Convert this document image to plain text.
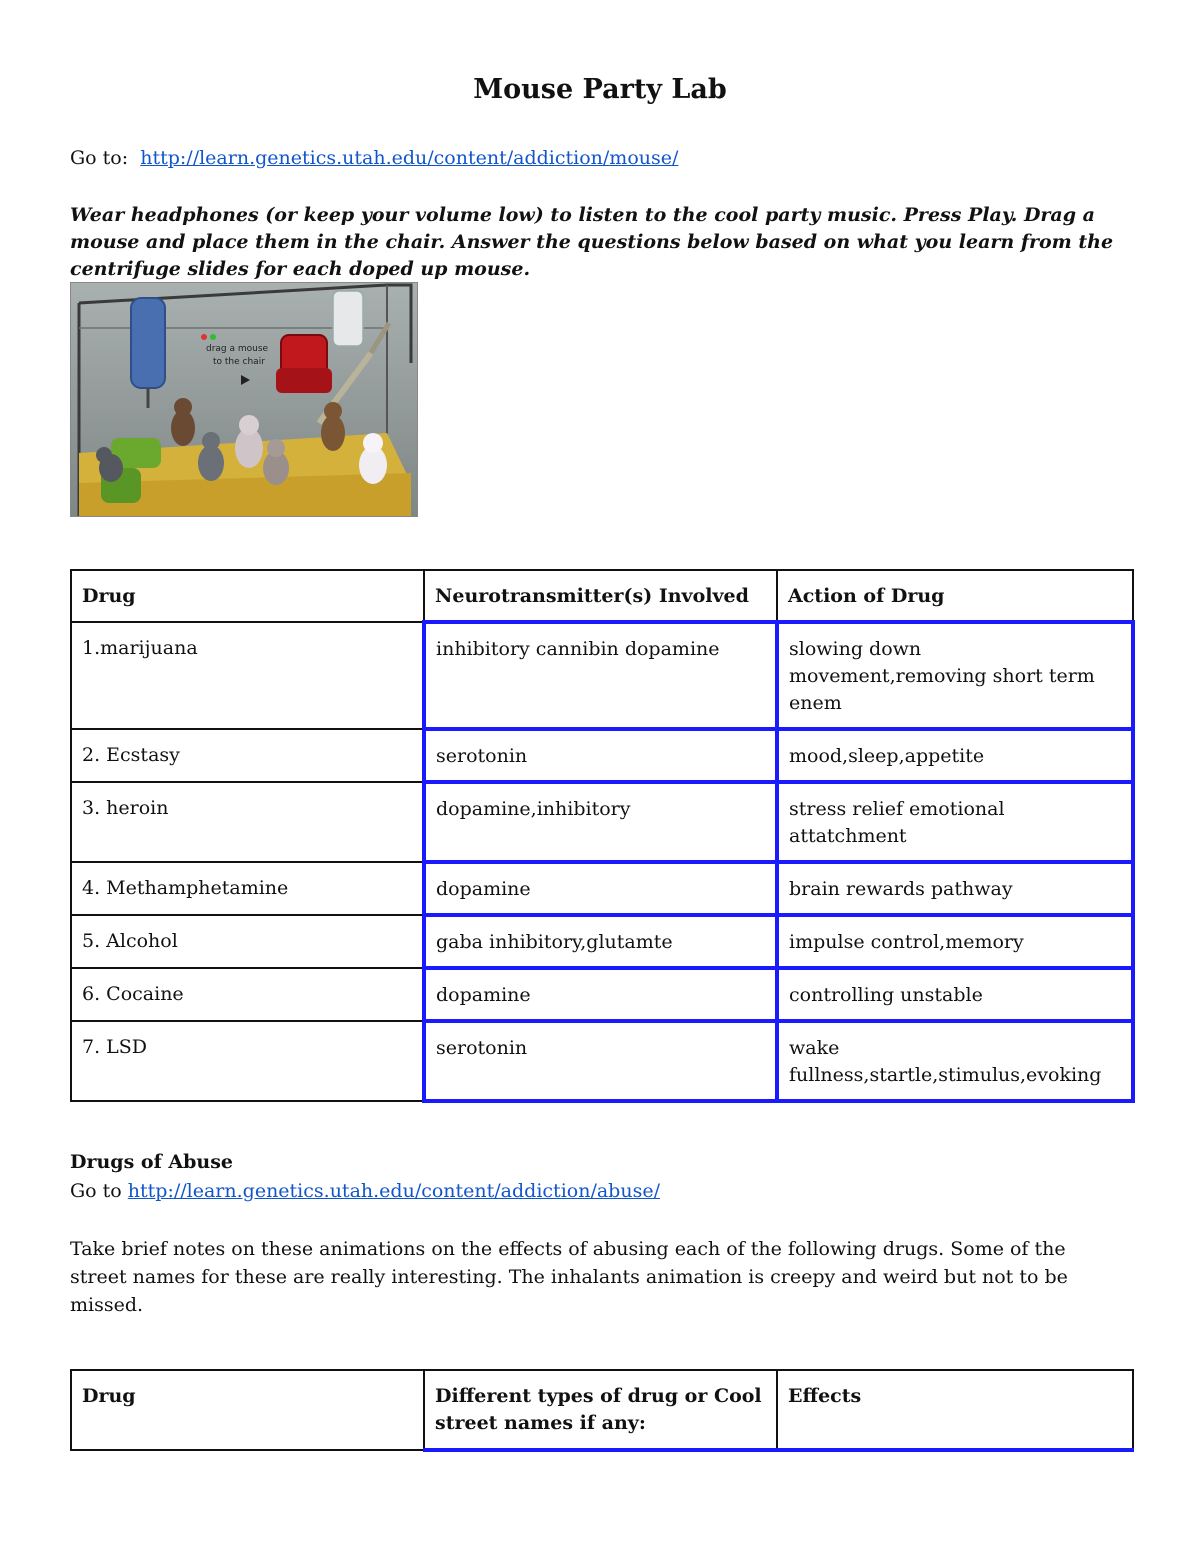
Mouse Party Lab
Go to: http://learn.genetics.utah.edu/content/addiction/mouse/
Wear headphones (or keep your volume low) to listen to the cool party music. Press Play. Drag a mouse and place them in the chair. Answer the questions below based on what you learn from the centrifuge slides for each doped up mouse.
drag a mouse
to the chair
Drug	Neurotransmitter(s) Involved	Action of Drug
1.marijuana	inhibitory cannibin dopamine	slowing down movement,removing short term enem
2. Ecstasy	serotonin	mood,sleep,appetite
3. heroin	dopamine,inhibitory	stress relief emotional attatchment
4. Methamphetamine	dopamine	brain rewards pathway
5. Alcohol	gaba inhibitory,glutamte	impulse control,memory
6. Cocaine	dopamine	controlling unstable
7. LSD	serotonin	wake fullness,startle,stimulus,evoking
Drugs of Abuse
Go to http://learn.genetics.utah.edu/content/addiction/abuse/
Take brief notes on these animations on the effects of abusing each of the following drugs. Some of the street names for these are really interesting. The inhalants animation is creepy and weird but not to be missed.
Drug	Different types of drug or Cool street names if any:	Effects
